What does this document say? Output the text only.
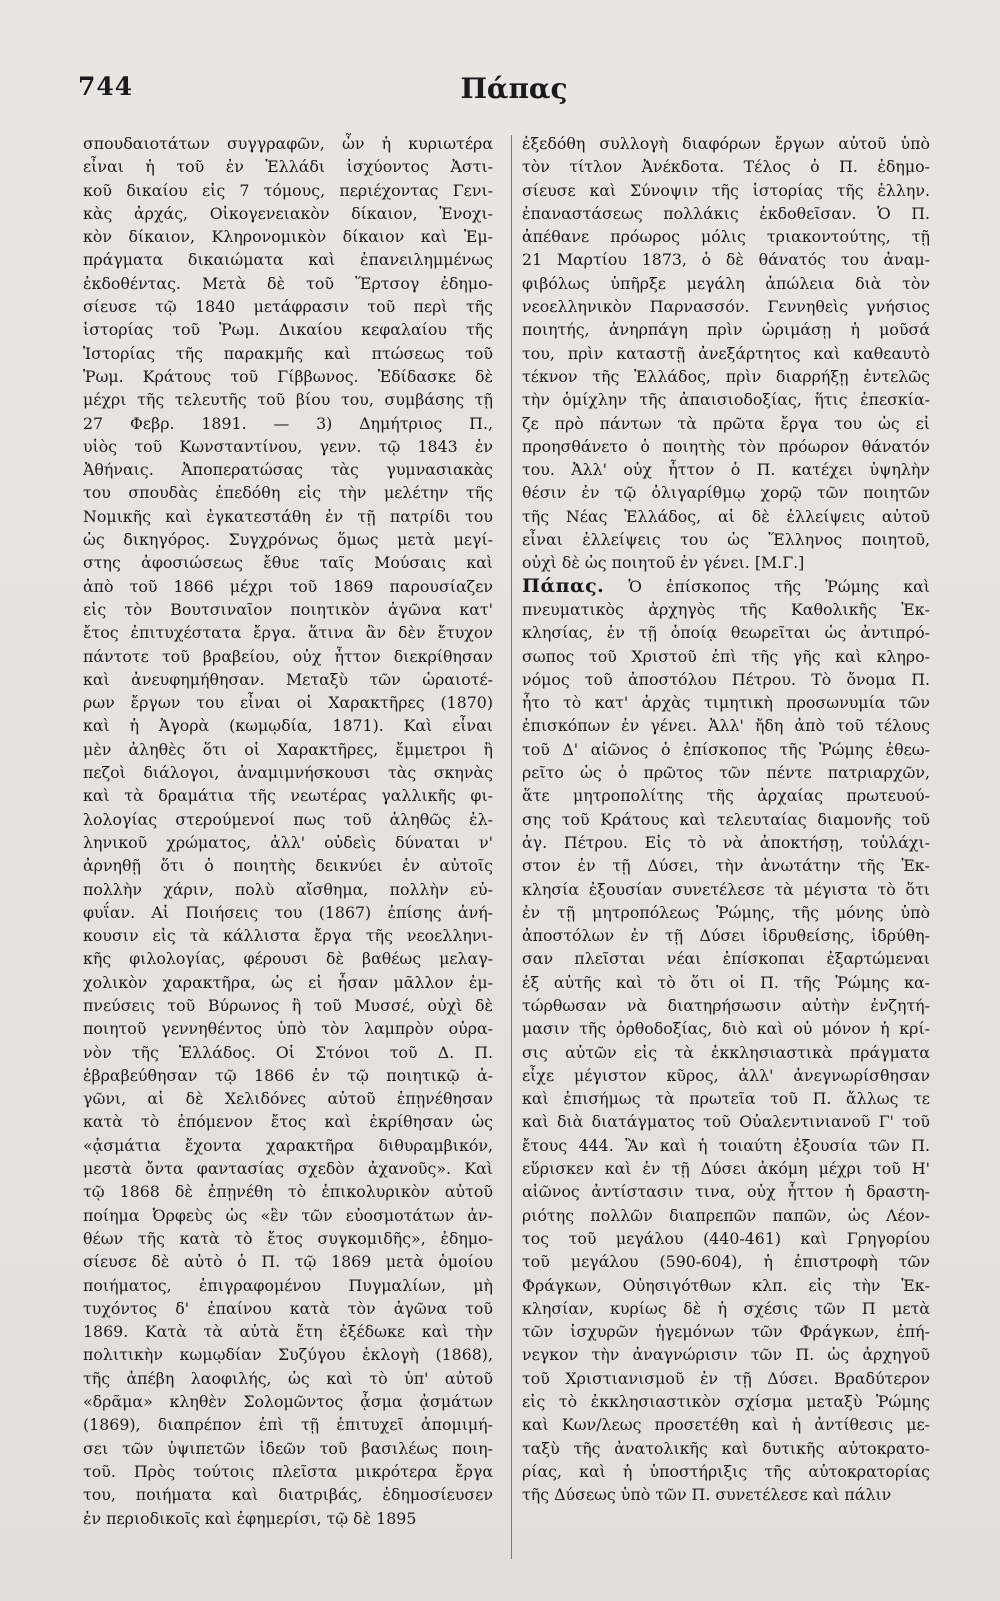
744	Πάπας
σπουδαιοτάτων συγγραφῶν, ὧν ἡ κυριωτέρα
εἶναι ἡ τοῦ ἐν Ἑλλάδι ἰσχύοντος Ἀστι-
κοῦ δικαίου εἰς 7 τόμους, περιέχοντας Γενι-
κὰς ἀρχάς, Οἰκογενειακὸν δίκαιον, Ἐνοχι-
κὸν δίκαιον, Κληρονομικὸν δίκαιον καὶ Ἐμ-
πράγματα δικαιώματα καὶ ἐπανειλημμένως
ἐκδοθέντας. Μετὰ δὲ τοῦ Ἕρτσογ ἐδημο-
σίευσε τῷ 1840 μετάφρασιν τοῦ περὶ τῆς
ἱστορίας τοῦ Ῥωμ. Δικαίου κεφαλαίου τῆς
Ἱστορίας τῆς παρακμῆς καὶ πτώσεως τοῦ
Ῥωμ. Κράτους τοῦ Γίββωνος. Ἐδίδασκε δὲ
μέχρι τῆς τελευτῆς τοῦ βίου του, συμβάσης τῇ
27 Φεβρ. 1891. — 3) Δημήτριος Π.,
υἱὸς τοῦ Κωνσταντίνου, γενν. τῷ 1843 ἐν
Ἀθήναις. Ἀποπερατώσας τὰς γυμνασιακὰς
του σπουδὰς ἐπεδόθη εἰς τὴν μελέτην τῆς
Νομικῆς καὶ ἐγκατεστάθη ἐν τῇ πατρίδι του
ὡς δικηγόρος. Συγχρόνως ὅμως μετὰ μεγί-
στης ἀφοσιώσεως ἔθυε ταῖς Μούσαις καὶ
ἀπὸ τοῦ 1866 μέχρι τοῦ 1869 παρουσίαζεν
εἰς τὸν Βουτσιναῖον ποιητικὸν ἀγῶνα κατ'
ἔτος ἐπιτυχέστατα ἔργα. ἅτινα ἂν δὲν ἔτυχον
πάντοτε τοῦ βραβείου, οὐχ ἧττον διεκρίθησαν
καὶ ἀνευφημήθησαν. Μεταξὺ τῶν ὡραιοτέ-
ρων ἔργων του εἶναι οἱ Χαρακτῆρες (1870)
καὶ ἡ Ἀγορὰ (κωμῳδία, 1871). Καὶ εἶναι
μὲν ἀληθὲς ὅτι οἱ Χαρακτῆρες, ἔμμετροι ἢ
πεζοὶ διάλογοι, ἀναμιμνήσκουσι τὰς σκηνὰς
καὶ τὰ δραμάτια τῆς νεωτέρας γαλλικῆς φι-
λολογίας στερούμενοί πως τοῦ ἀληθῶς ἑλ-
ληνικοῦ χρώματος, ἀλλ' οὐδεὶς δύναται ν'
ἀρνηθῇ ὅτι ὁ ποιητὴς δεικνύει ἐν αὐτοῖς
πολλὴν χάριν, πολὺ αἴσθημα, πολλὴν εὐ-
φυΐαν. Αἱ Ποιήσεις του (1867) ἐπίσης ἀνή-
κουσιν εἰς τὰ κάλλιστα ἔργα τῆς νεοελληνι-
κῆς φιλολογίας, φέρουσι δὲ βαθέως μελαγ-
χολικὸν χαρακτῆρα, ὡς εἰ ἦσαν μᾶλλον ἐμ-
πνεύσεις τοῦ Βύρωνος ἢ τοῦ Μυσσέ, οὐχὶ δὲ
ποιητοῦ γεννηθέντος ὑπὸ τὸν λαμπρὸν οὐρα-
νὸν τῆς Ἑλλάδος. Οἱ Στόνοι τοῦ Δ. Π.
ἐβραβεύθησαν τῷ 1866 ἐν τῷ ποιητικῷ ἀ-
γῶνι, αἱ δὲ Χελιδόνες αὐτοῦ ἐπῃνέθησαν
κατὰ τὸ ἐπόμενον ἔτος καὶ ἐκρίθησαν ὡς
«ᾀσμάτια ἔχοντα χαρακτῆρα διθυραμβικόν,
μεστὰ ὄντα φαντασίας σχεδὸν ἀχανοῦς». Καὶ
τῷ 1868 δὲ ἐπῃνέθη τὸ ἐπικολυρικὸν αὐτοῦ
ποίημα Ὀρφεὺς ὡς «ἓν τῶν εὐοσμοτάτων ἀν-
θέων τῆς κατὰ τὸ ἔτος συγκομιδῆς», ἐδημο-
σίευσε δὲ αὐτὸ ὁ Π. τῷ 1869 μετὰ ὁμοίου
ποιήματος, ἐπιγραφομένου Πυγμαλίων, μὴ
τυχόντος δ' ἐπαίνου κατὰ τὸν ἀγῶνα τοῦ
1869. Κατὰ τὰ αὐτὰ ἔτη ἐξέδωκε καὶ τὴν
πολιτικὴν κωμῳδίαν Συζύγου ἐκλογὴ (1868),
τῆς ἀπέβη λαοφιλής, ὡς καὶ τὸ ὑπ' αὐτοῦ
«δρᾶμα» κληθὲν Σολομῶντος ᾆσμα ᾀσμάτων
(1869), διαπρέπον ἐπὶ τῇ ἐπιτυχεῖ ἀπομιμή-
σει τῶν ὑψιπετῶν ἰδεῶν τοῦ βασιλέως ποιη-
τοῦ. Πρὸς τούτοις πλεῖστα μικρότερα ἔργα
του, ποιήματα καὶ διατριβάς, ἐδημοσίευσεν
ἐν περιοδικοῖς καὶ ἐφημερίσι, τῷ δὲ 1895
ἐξεδόθη συλλογὴ διαφόρων ἔργων αὐτοῦ ὑπὸ
τὸν τίτλον Ἀνέκδοτα. Τέλος ὁ Π. ἐδημο-
σίευσε καὶ Σύνοψιν τῆς ἱστορίας τῆς ἑλλην.
ἐπαναστάσεως πολλάκις ἐκδοθεῖσαν. Ὁ Π.
ἀπέθανε πρόωρος μόλις τριακοντούτης, τῇ
21 Μαρτίου 1873, ὁ δὲ θάνατός του ἀναμ-
φιβόλως ὑπῆρξε μεγάλη ἀπώλεια διὰ τὸν
νεοελληνικὸν Παρνασσόν. Γεννηθεὶς γνήσιος
ποιητής, ἀνηρπάγη πρὶν ὡριμάσῃ ἡ μοῦσά
του, πρὶν καταστῇ ἀνεξάρτητος καὶ καθεαυτὸ
τέκνον τῆς Ἑλλάδος, πρὶν διαρρήξῃ ἐντελῶς
τὴν ὁμίχλην τῆς ἀπαισιοδοξίας, ἥτις ἐπεσκία-
ζε πρὸ πάντων τὰ πρῶτα ἔργα του ὡς εἰ
προησθάνετο ὁ ποιητὴς τὸν πρόωρον θάνατόν
του. Ἀλλ' οὐχ ἧττον ὁ Π. κατέχει ὑψηλὴν
θέσιν ἐν τῷ ὀλιγαρίθμῳ χορῷ τῶν ποιητῶν
τῆς Νέας Ἑλλάδος, αἱ δὲ ἐλλείψεις αὐτοῦ
εἶναι ἐλλείψεις του ὡς Ἕλληνος ποιητοῦ,
οὐχὶ δὲ ὡς ποιητοῦ ἐν γένει. [Μ.Γ.]
Πάπας. Ὁ ἐπίσκοπος τῆς Ῥώμης καὶ
πνευματικὸς ἀρχηγὸς τῆς Καθολικῆς Ἐκ-
κλησίας, ἐν τῇ ὁποίᾳ θεωρεῖται ὡς ἀντιπρό-
σωπος τοῦ Χριστοῦ ἐπὶ τῆς γῆς καὶ κληρο-
νόμος τοῦ ἀποστόλου Πέτρου. Τὸ ὄνομα Π.
ἦτο τὸ κατ' ἀρχὰς τιμητικὴ προσωνυμία τῶν
ἐπισκόπων ἐν γένει. Ἀλλ' ἤδη ἀπὸ τοῦ τέλους
τοῦ Δ' αἰῶνος ὁ ἐπίσκοπος τῆς Ῥώμης ἐθεω-
ρεῖτο ὡς ὁ πρῶτος τῶν πέντε πατριαρχῶν,
ἅτε μητροπολίτης τῆς ἀρχαίας πρωτευού-
σης τοῦ Κράτους καὶ τελευταίας διαμονῆς τοῦ
ἁγ. Πέτρου. Εἰς τὸ νὰ ἀποκτήσῃ, τοὐλάχι-
στον ἐν τῇ Δύσει, τὴν ἀνωτάτην τῆς Ἐκ-
κλησία ἐξουσίαν συνετέλεσε τὰ μέγιστα τὸ ὅτι
ἐν τῇ μητροπόλεως Ῥώμης, τῆς μόνης ὑπὸ
ἀποστόλων ἐν τῇ Δύσει ἱδρυθείσης, ἱδρύθη-
σαν πλεῖσται νέαι ἐπίσκοπαι ἐξαρτώμεναι
ἐξ αὐτῆς καὶ τὸ ὅτι οἱ Π. τῆς Ῥώμης κα-
τώρθωσαν νὰ διατηρήσωσιν αὐτὴν ἐνζητή-
μασιν τῆς ὀρθοδοξίας, διὸ καὶ οὐ μόνον ἡ κρί-
σις αὐτῶν εἰς τὰ ἐκκλησιαστικὰ πράγματα
εἶχε μέγιστον κῦρος, ἀλλ' ἀνεγνωρίσθησαν
καὶ ἐπισήμως τὰ πρωτεῖα τοῦ Π. ἄλλως τε
καὶ διὰ διατάγματος τοῦ Οὐαλεντινιανοῦ Γ' τοῦ
ἔτους 444. Ἂν καὶ ἡ τοιαύτη ἐξουσία τῶν Π.
εὕρισκεν καὶ ἐν τῇ Δύσει ἀκόμη μέχρι τοῦ Η'
αἰῶνος ἀντίστασιν τινα, οὐχ ἧττον ἡ δραστη-
ριότης πολλῶν διαπρεπῶν παπῶν, ὡς Λέον-
τος τοῦ μεγάλου (440-461) καὶ Γρηγορίου
τοῦ μεγάλου (590-604), ἡ ἐπιστροφὴ τῶν
Φράγκων, Οὐησιγότθων κλπ. εἰς τὴν Ἐκ-
κλησίαν, κυρίως δὲ ἡ σχέσις τῶν Π μετὰ
τῶν ἰσχυρῶν ἡγεμόνων τῶν Φράγκων, ἐπή-
νεγκον τὴν ἀναγνώρισιν τῶν Π. ὡς ἀρχηγοῦ
τοῦ Χριστιανισμοῦ ἐν τῇ Δύσει. Βραδύτερον
εἰς τὸ ἐκκλησιαστικὸν σχίσμα μεταξὺ Ῥώμης
καὶ Κων/λεως προσετέθη καὶ ἡ ἀντίθεσις με-
ταξὺ τῆς ἀνατολικῆς καὶ δυτικῆς αὐτοκρατο-
ρίας, καὶ ἡ ὑποστήριξις τῆς αὐτοκρατορίας
τῆς Δύσεως ὑπὸ τῶν Π. συνετέλεσε καὶ πάλιν
